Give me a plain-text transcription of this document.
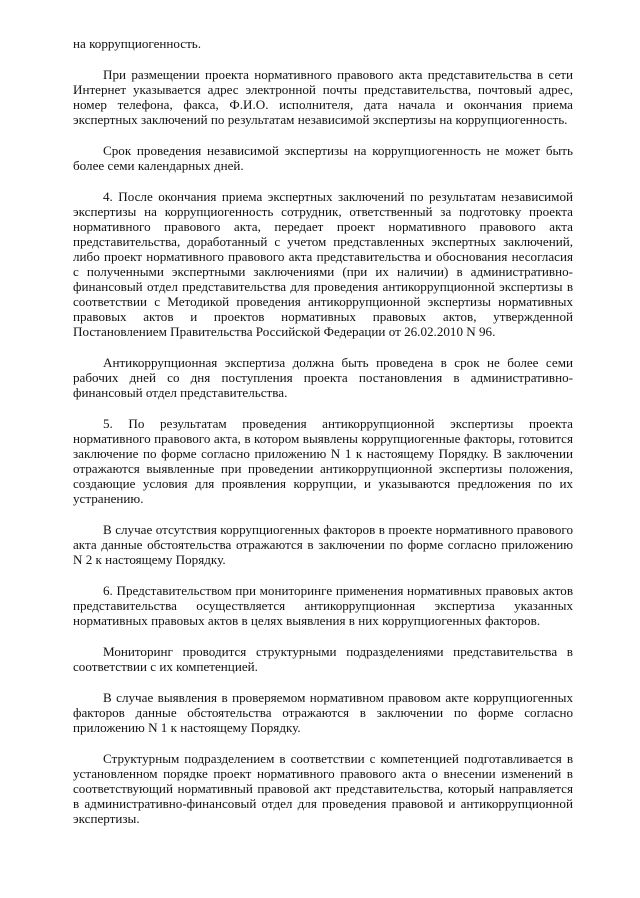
на коррупциогенность.

При размещении проекта нормативного правового акта представительства в сети Интернет указывается адрес электронной почты представительства, почтовый адрес, номер телефона, факса, Ф.И.О. исполнителя, дата начала и окончания приема экспертных заключений по результатам независимой экспертизы на коррупциогенность.

Срок проведения независимой экспертизы на коррупциогенность не может быть более семи календарных дней.

4. После окончания приема экспертных заключений по результатам независимой экспертизы на коррупциогенность сотрудник, ответственный за подготовку проекта нормативного правового акта, передает проект нормативного правового акта представительства, доработанный с учетом представленных экспертных заключений, либо проект нормативного правового акта представительства и обоснования несогласия с полученными экспертными заключениями (при их наличии) в административно-финансовый отдел представительства для проведения антикоррупционной экспертизы в соответствии с Методикой проведения антикоррупционной экспертизы нормативных правовых актов и проектов нормативных правовых актов, утвержденной Постановлением Правительства Российской Федерации от 26.02.2010 N 96.

Антикоррупционная экспертиза должна быть проведена в срок не более семи рабочих дней со дня поступления проекта постановления в административно-финансовый отдел представительства.

5. По результатам проведения антикоррупционной экспертизы проекта нормативного правового акта, в котором выявлены коррупциогенные факторы, готовится заключение по форме согласно приложению N 1 к настоящему Порядку. В заключении отражаются выявленные при проведении антикоррупционной экспертизы положения, создающие условия для проявления коррупции, и указываются предложения по их устранению.

В случае отсутствия коррупциогенных факторов в проекте нормативного правового акта данные обстоятельства отражаются в заключении по форме согласно приложению N 2 к настоящему Порядку.

6. Представительством при мониторинге применения нормативных правовых актов представительства осуществляется антикоррупционная экспертиза указанных нормативных правовых актов в целях выявления в них коррупциогенных факторов.

Мониторинг проводится структурными подразделениями представительства в соответствии с их компетенцией.

В случае выявления в проверяемом нормативном правовом акте коррупциогенных факторов данные обстоятельства отражаются в заключении по форме согласно приложению N 1 к настоящему Порядку.

Структурным подразделением в соответствии с компетенцией подготавливается в установленном порядке проект нормативного правового акта о внесении изменений в соответствующий нормативный правовой акт представительства, который направляется в административно-финансовый отдел для проведения правовой и антикоррупционной экспертизы.
